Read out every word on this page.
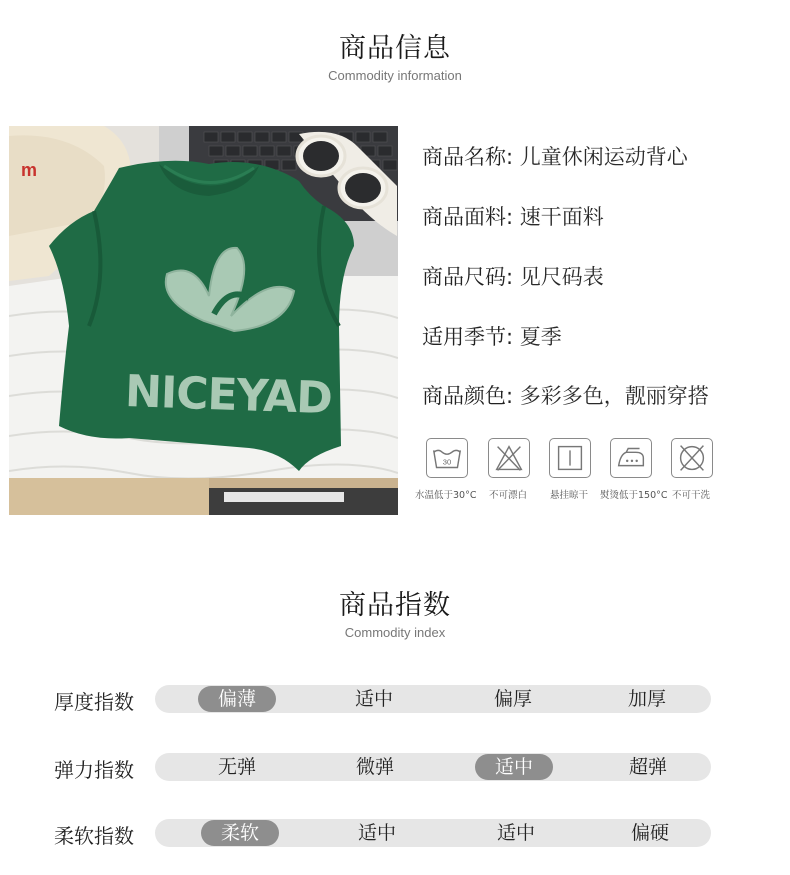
商品信息
Commodity information
m
NICEYAD
商品名称: 儿童休闲运动背心
商品面料: 速干面料
商品尺码: 见尺码表
适用季节: 夏季
商品颜色: 多彩多色，靓丽穿搭
30
水温低于30°C 不可漂白 悬挂晾干 熨烫低于150°C 不可干洗
商品指数
Commodity index
厚度指数	偏薄	适中	偏厚	加厚
弹力指数	无弹	微弹	适中	超弹
柔软指数	柔软	适中	适中	偏硬
